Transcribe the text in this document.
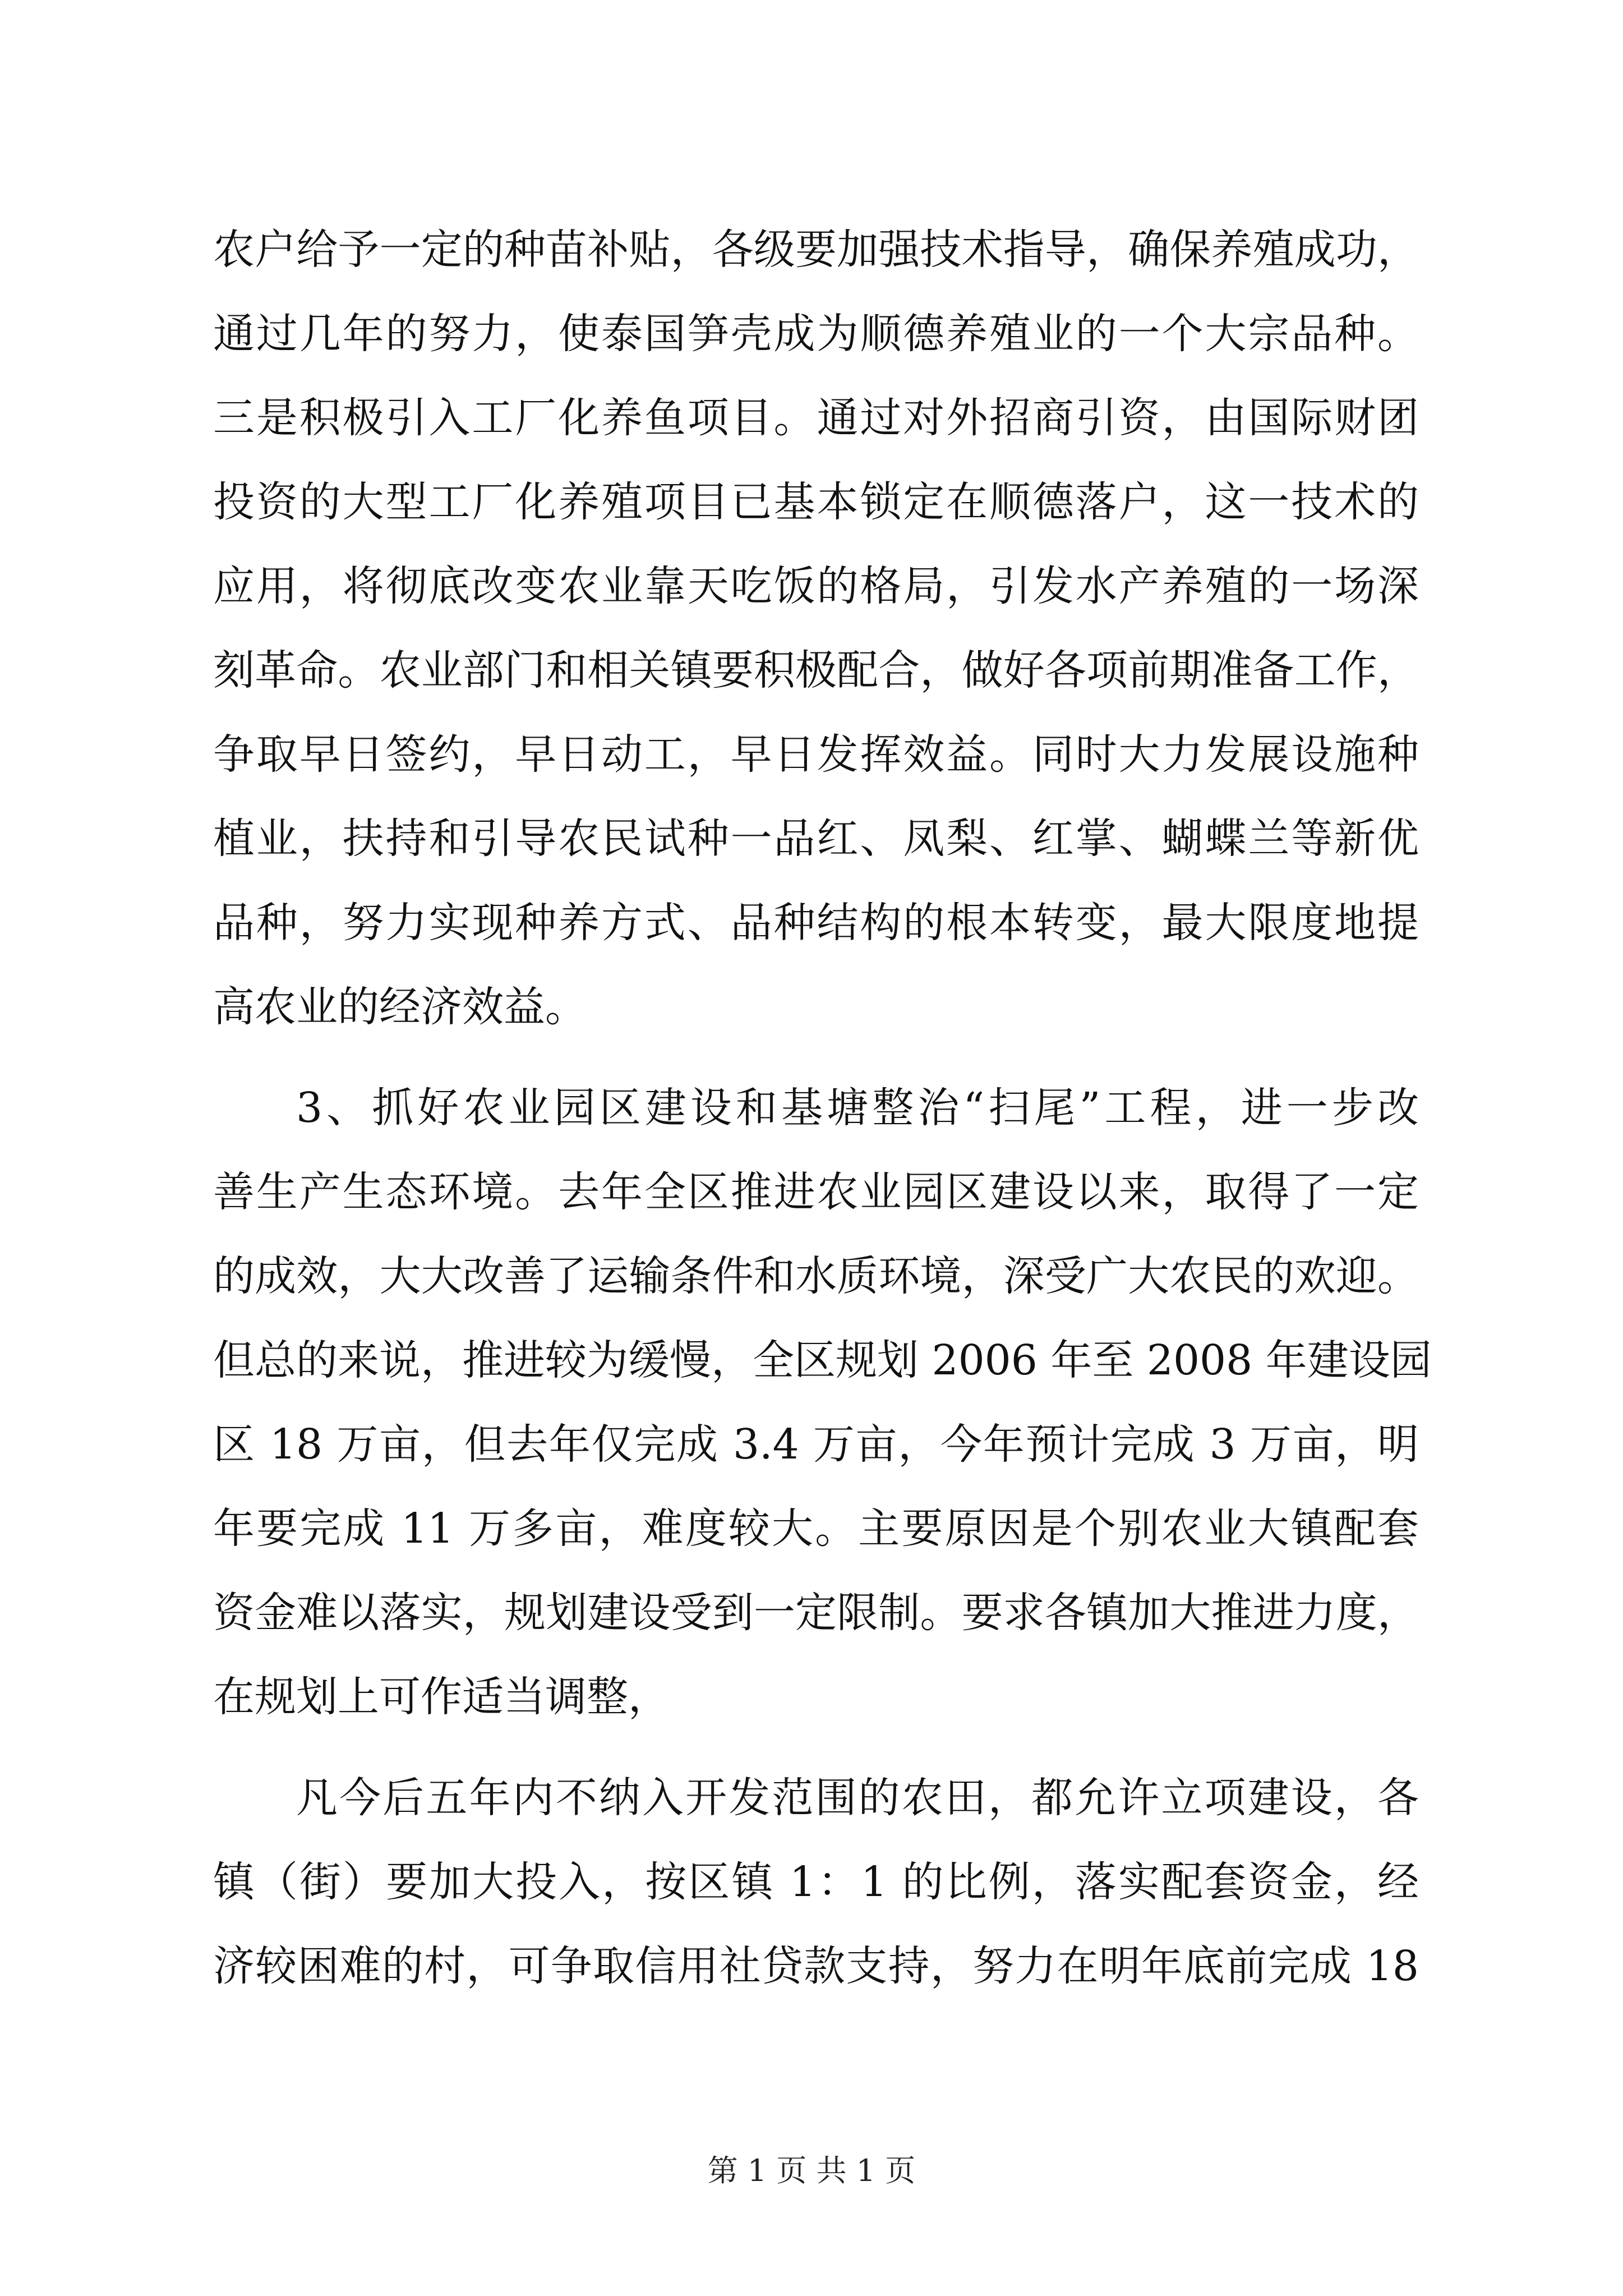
农户给予一定的种苗补贴，各级要加强技术指导，确保养殖成功，
通过几年的努力，使泰国笋壳成为顺德养殖业的一个大宗品种。
三是积极引入工厂化养鱼项目。通过对外招商引资，由国际财团
投资的大型工厂化养殖项目已基本锁定在顺德落户，这一技术的
应用，将彻底改变农业靠天吃饭的格局，引发水产养殖的一场深
刻革命。农业部门和相关镇要积极配合，做好各项前期准备工作，
争取早日签约，早日动工，早日发挥效益。同时大力发展设施种
植业，扶持和引导农民试种一品红、凤梨、红掌、蝴蝶兰等新优
品种，努力实现种养方式、品种结构的根本转变，最大限度地提
高农业的经济效益。
3、抓好农业园区建设和基塘整治“扫尾”工程，进一步改
善生产生态环境。去年全区推进农业园区建设以来，取得了一定
的成效，大大改善了运输条件和水质环境，深受广大农民的欢迎。
但总的来说，推进较为缓慢，全区规划 2006 年至 2008 年建设园
区 18 万亩，但去年仅完成 3.4 万亩，今年预计完成 3 万亩，明
年要完成 11 万多亩，难度较大。主要原因是个别农业大镇配套
资金难以落实，规划建设受到一定限制。要求各镇加大推进力度，
在规划上可作适当调整，
凡今后五年内不纳入开发范围的农田，都允许立项建设，各
镇（街）要加大投入，按区镇 1：1 的比例，落实配套资金，经
济较困难的村，可争取信用社贷款支持，努力在明年底前完成 18
第 1 页 共 1 页
